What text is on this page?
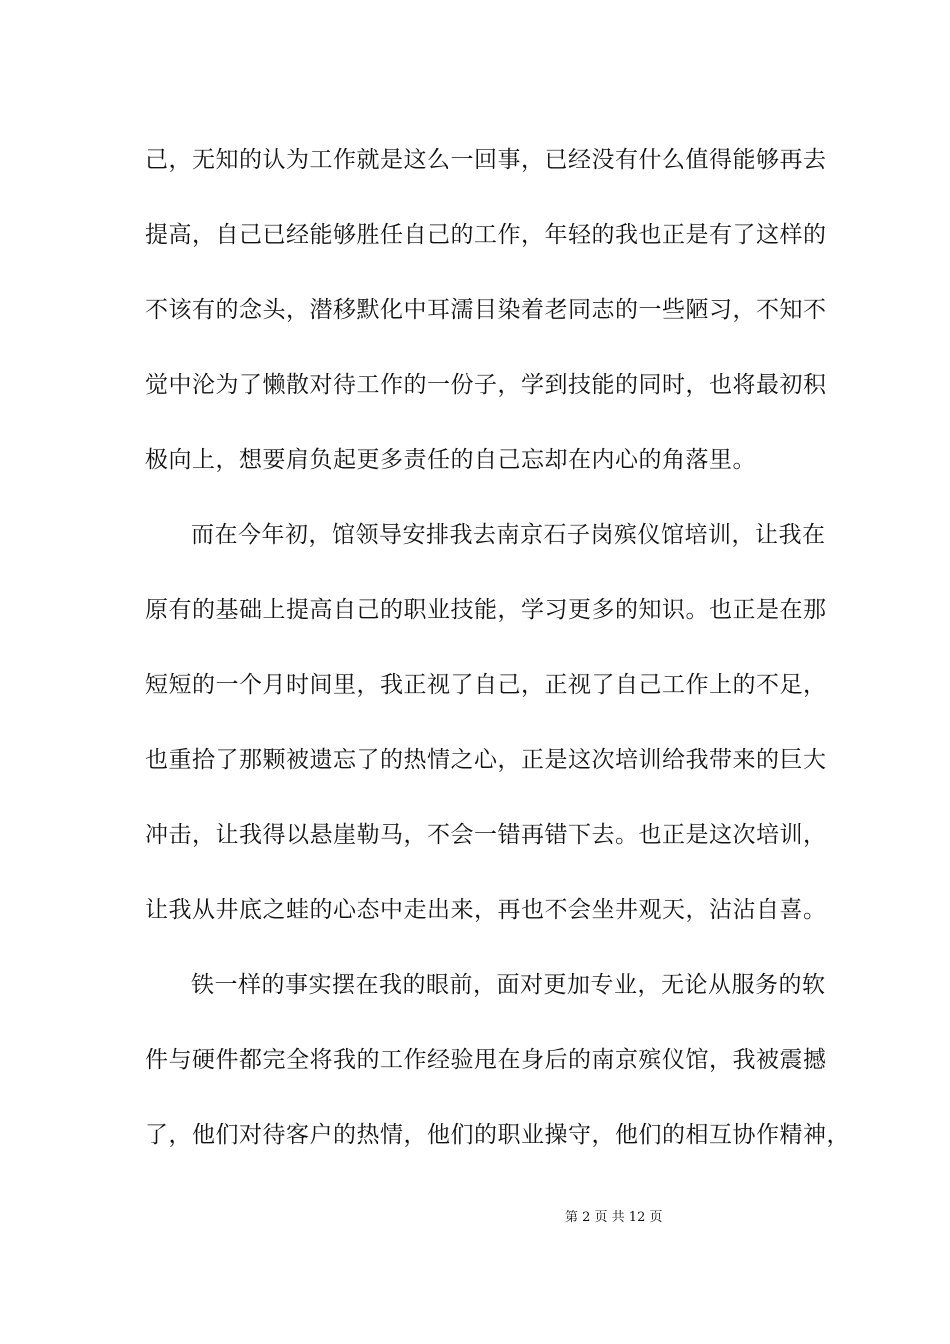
己，无知的认为工作就是这么一回事，已经没有什么值得能够再去
提高，自己已经能够胜任自己的工作，年轻的我也正是有了这样的
不该有的念头，潜移默化中耳濡目染着老同志的一些陋习，不知不
觉中沦为了懒散对待工作的一份子，学到技能的同时，也将最初积
极向上，想要肩负起更多责任的自己忘却在内心的角落里。
而在今年初，馆领导安排我去南京石子岗殡仪馆培训，让我在
原有的基础上提高自己的职业技能，学习更多的知识。也正是在那
短短的一个月时间里，我正视了自己，正视了自己工作上的不足，
也重拾了那颗被遗忘了的热情之心，正是这次培训给我带来的巨大
冲击，让我得以悬崖勒马，不会一错再错下去。也正是这次培训，
让我从井底之蛙的心态中走出来，再也不会坐井观天，沾沾自喜。
铁一样的事实摆在我的眼前，面对更加专业，无论从服务的软
件与硬件都完全将我的工作经验甩在身后的南京殡仪馆，我被震撼
了，他们对待客户的热情，他们的职业操守，他们的相互协作精神，
第 2 页 共 12 页
